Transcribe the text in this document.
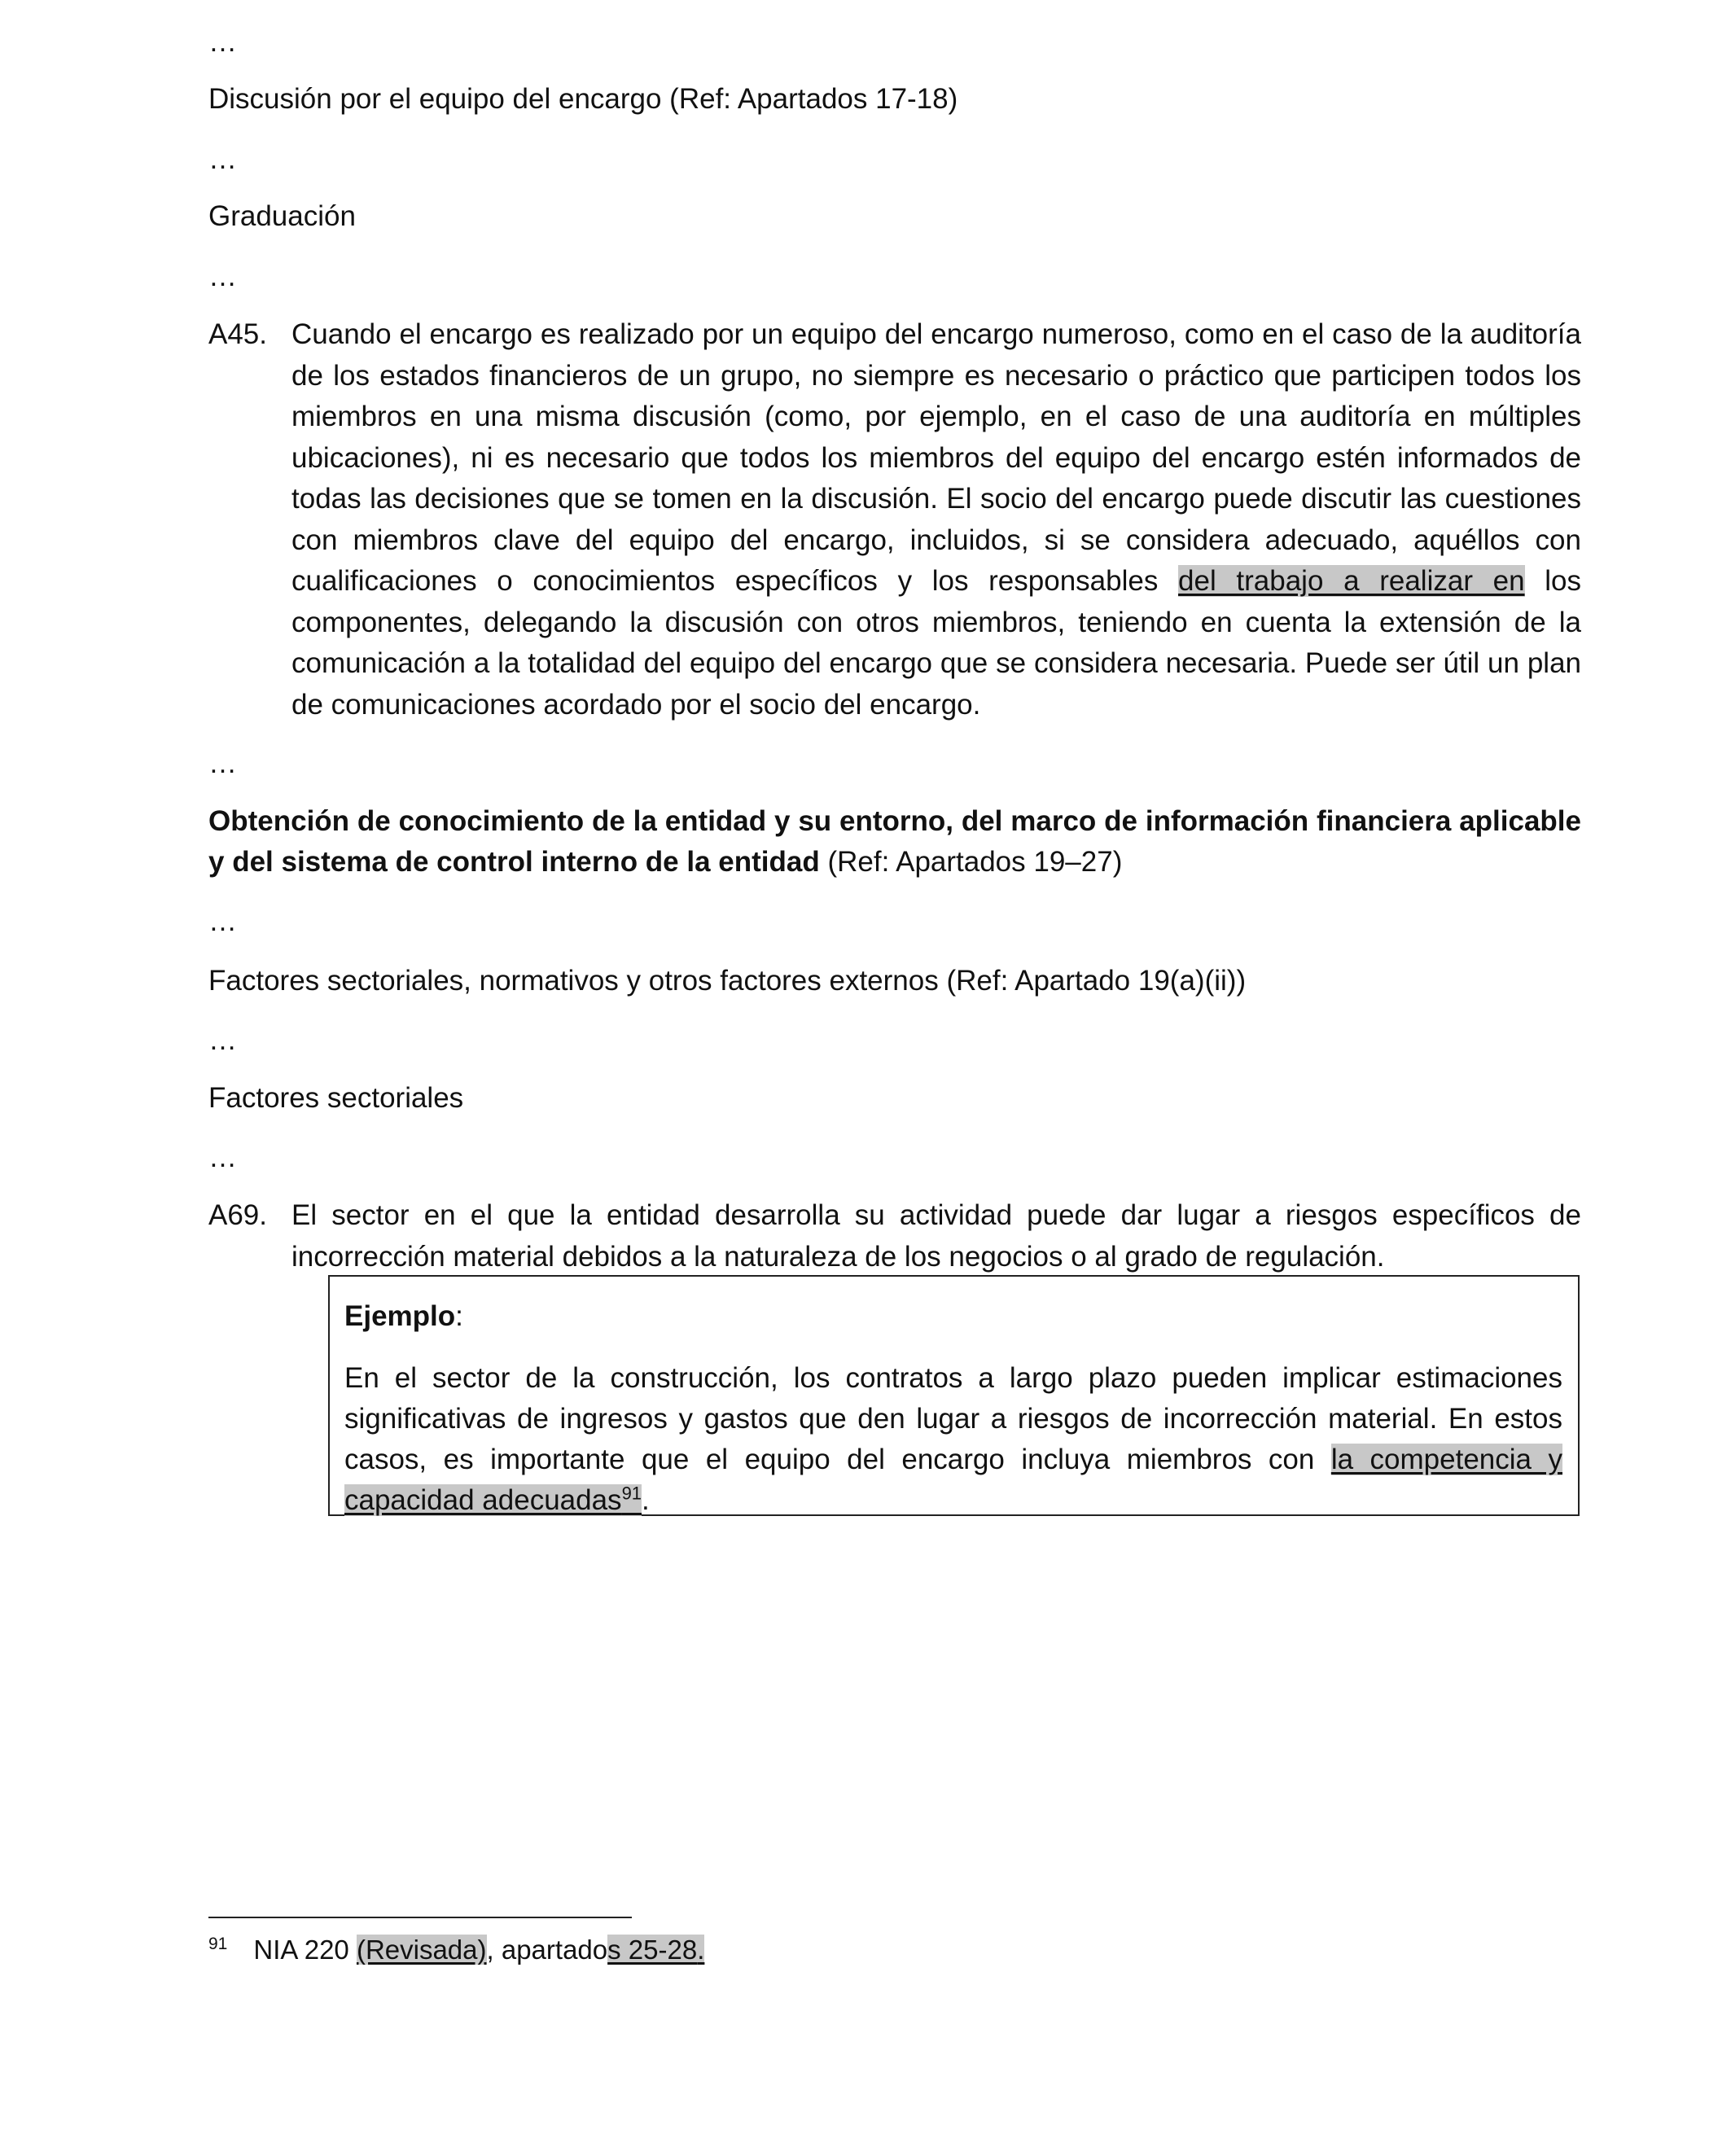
…
Discusión por el equipo del encargo (Ref: Apartados 17-18)
…
Graduación
…
A45. Cuando el encargo es realizado por un equipo del encargo numeroso, como en el caso de la auditoría de los estados financieros de un grupo, no siempre es necesario o práctico que participen todos los miembros en una misma discusión (como, por ejemplo, en el caso de una auditoría en múltiples ubicaciones), ni es necesario que todos los miembros del equipo del encargo estén informados de todas las decisiones que se tomen en la discusión. El socio del encargo puede discutir las cuestiones con miembros clave del equipo del encargo, incluidos, si se considera adecuado, aquéllos con cualificaciones o conocimientos específicos y los responsables del trabajo a realizar en los componentes, delegando la discusión con otros miembros, teniendo en cuenta la extensión de la comunicación a la totalidad del equipo del encargo que se considera necesaria. Puede ser útil un plan de comunicaciones acordado por el socio del encargo.
…
Obtención de conocimiento de la entidad y su entorno, del marco de información financiera aplicable y del sistema de control interno de la entidad (Ref: Apartados 19–27)
…
Factores sectoriales, normativos y otros factores externos (Ref: Apartado 19(a)(ii))
…
Factores sectoriales
…
A69. El sector en el que la entidad desarrolla su actividad puede dar lugar a riesgos específicos de incorrección material debidos a la naturaleza de los negocios o al grado de regulación.
Ejemplo:
En el sector de la construcción, los contratos a largo plazo pueden implicar estimaciones significativas de ingresos y gastos que den lugar a riesgos de incorrección material. En estos casos, es importante que el equipo del encargo incluya miembros con la competencia y capacidad adecuadas$^{91}$.
$^{91}$ NIA 220 (Revisada), apartados 25-28.
